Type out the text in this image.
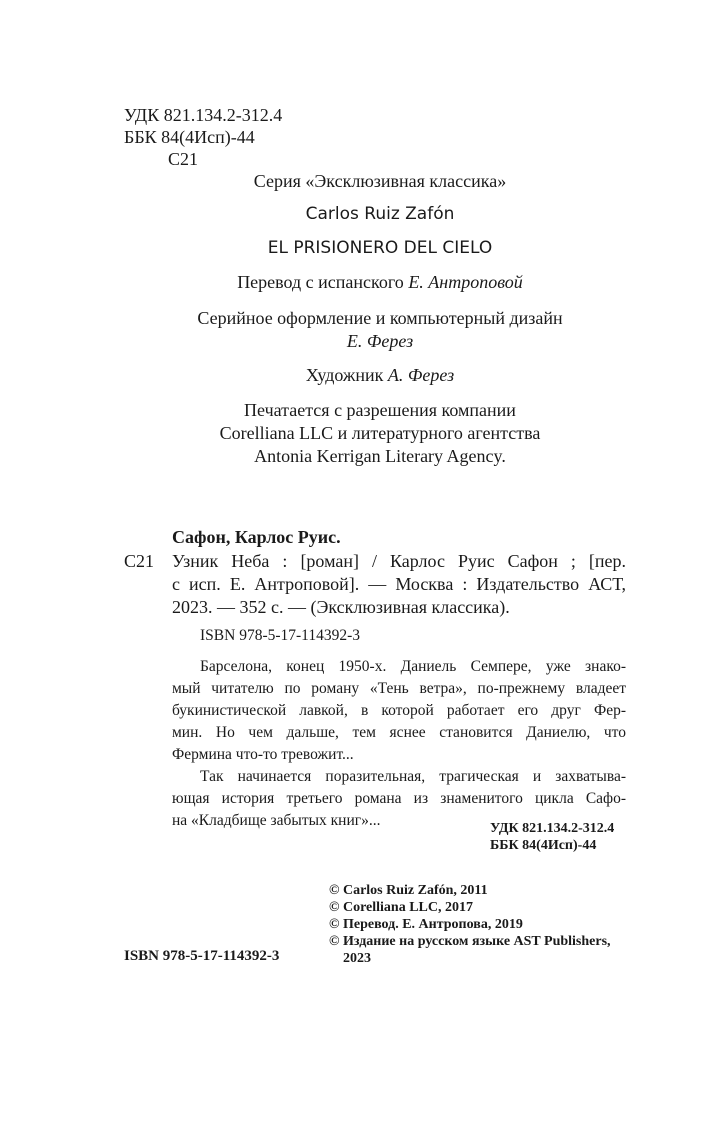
УДК 821.134.2-312.4
ББК 84(4Исп)-44
С21
Серия «Эксклюзивная классика»
Carlos Ruiz Zafón
EL PRISIONERO DEL CIELO
Перевод с испанского Е. Антроповой
Серийное оформление и компьютерный дизайн
Е. Ферез
Художник А. Ферез
Печатается с разрешения компании
Corelliana LLC и литературного агентства
Antonia Kerrigan Literary Agency.
Сафон, Карлос Руис.
С21 Узник Неба : [роман] / Карлос Руис Сафон ; [пер.
с исп. Е. Антроповой]. — Москва : Издательство АСТ,
2023. — 352 с. — (Эксклюзивная классика).
ISBN 978-5-17-114392-3
Барселона, конец 1950-х. Даниель Семпере, уже знако-
мый читателю по роману «Тень ветра», по-прежнему владеет
букинистической лавкой, в которой работает его друг Фер-
мин. Но чем дальше, тем яснее становится Даниелю, что
Фермина что-то тревожит...
Так начинается поразительная, трагическая и захватыва-
ющая история третьего романа из знаменитого цикла Сафо-
на «Кладбище забытых книг»...	УДК 821.134.2-312.4
ББК 84(4Исп)-44
ISBN 978-5-17-114392-3
© Carlos Ruiz Zafón, 2011
© Corelliana LLC, 2017
© Перевод. Е. Антропова, 2019
© Издание на русском языке AST Publishers,
2023
